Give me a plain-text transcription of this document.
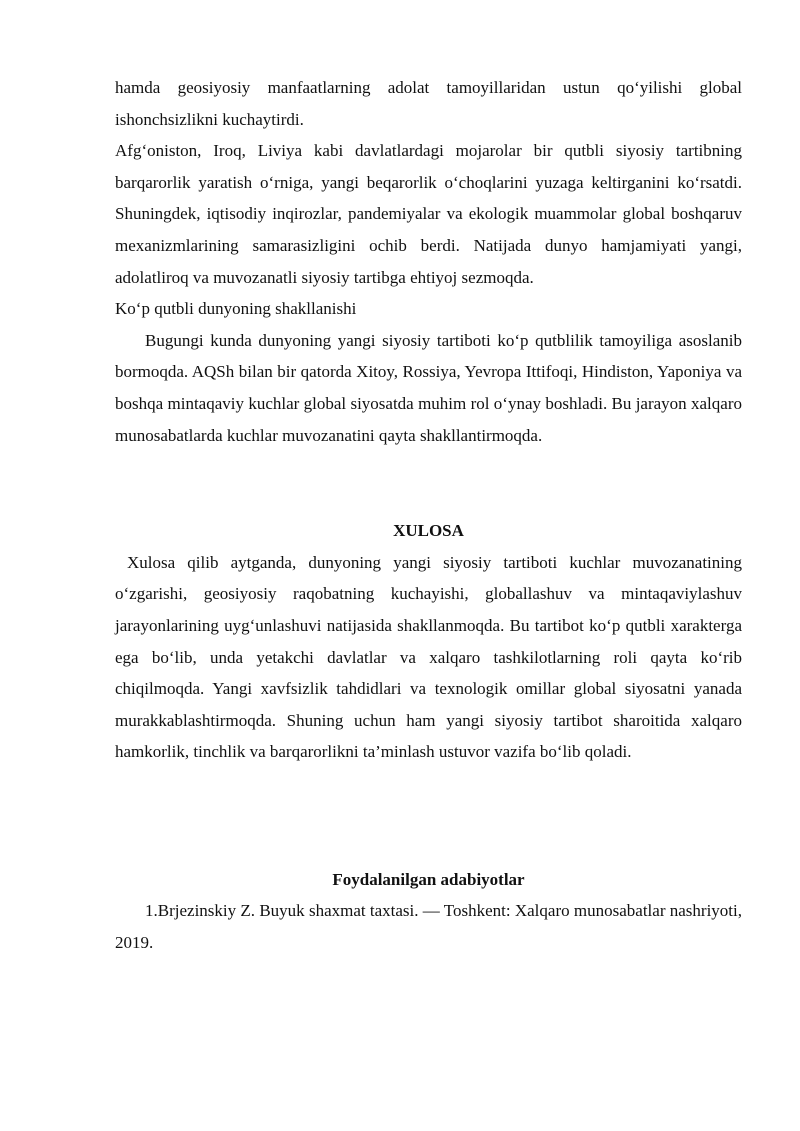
hamda geosiyosiy manfaatlarning adolat tamoyillaridan ustun qo‘yilishi global ishonchsizlikni kuchaytirdi.

Afg‘oniston, Iroq, Liviya kabi davlatlardagi mojarolar bir qutbli siyosiy tartibning barqarorlik yaratish o‘rniga, yangi beqarorlik o‘choqlarini yuzaga keltirganini ko‘rsatdi. Shuningdek, iqtisodiy inqirozlar, pandemiyalar va ekologik muammolar global boshqaruv mexanizmlarining samarasizligini ochib berdi. Natijada dunyo hamjamiyati yangi, adolatliroq va muvozanatli siyosiy tartibga ehtiyoj sezmoqda.

Ko‘p qutbli dunyoning shakllanishi

Bugungi kunda dunyoning yangi siyosiy tartiboti ko‘p qutblilik tamoyiliga asoslanib bormoqda. AQSh bilan bir qatorda Xitoy, Rossiya, Yevropa Ittifoqi, Hindiston, Yaponiya va boshqa mintaqaviy kuchlar global siyosatda muhim rol o‘ynay boshladi. Bu jarayon xalqaro munosabatlarda kuchlar muvozanatini qayta shakllantirmoqda.

XULOSA

Xulosa qilib aytganda, dunyoning yangi siyosiy tartiboti kuchlar muvozanatining o‘zgarishi, geosiyosiy raqobatning kuchayishi, globallashuv va mintaqaviylashuv jarayonlarining uyg‘unlashuvi natijasida shakllanmoqda. Bu tartibot ko‘p qutbli xarakterga ega bo‘lib, unda yetakchi davlatlar va xalqaro tashkilotlarning roli qayta ko‘rib chiqilmoqda. Yangi xavfsizlik tahdidlari va texnologik omillar global siyosatni yanada murakkablashtirmoqda. Shuning uchun ham yangi siyosiy tartibot sharoitida xalqaro hamkorlik, tinchlik va barqarorlikni ta’minlash ustuvor vazifa bo‘lib qoladi.

Foydalanilgan adabiyotlar

1.Brjezinskiy Z. Buyuk shaxmat taxtasi. — Toshkent: Xalqaro munosabatlar nashriyoti, 2019.
